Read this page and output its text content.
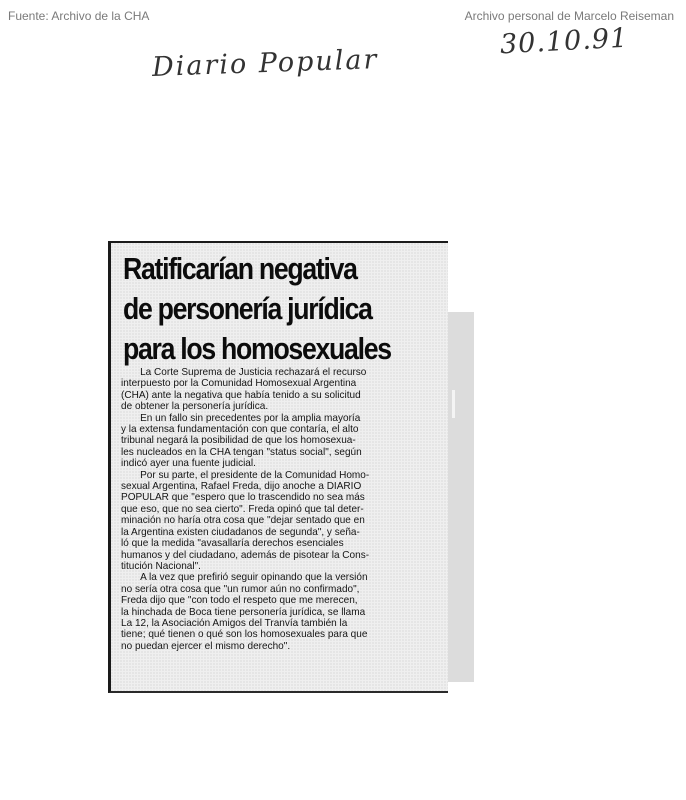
Fuente: Archivo de la CHA	Archivo personal de Marcelo Reiseman
Diario Popular
30.10.91
Ratificarían negativa
de personería jurídica
para los homosexuales
La Corte Suprema de Justicia rechazará el recurso
interpuesto por la Comunidad Homosexual Argentina
(CHA) ante la negativa que había tenido a su solicitud
de obtener la personería jurídica.
En un fallo sin precedentes por la amplia mayoría
y la extensa fundamentación con que contaría, el alto
tribunal negará la posibilidad de que los homosexua-
les nucleados en la CHA tengan "status social", según
indicó ayer una fuente judicial.
Por su parte, el presidente de la Comunidad Homo-
sexual Argentina, Rafael Freda, dijo anoche a DIARIO
POPULAR que "espero que lo trascendido no sea más
que eso, que no sea cierto". Freda opinó que tal deter-
minación no haría otra cosa que "dejar sentado que en
la Argentina existen ciudadanos de segunda", y seña-
ló que la medida "avasallaría derechos esenciales
humanos y del ciudadano, además de pisotear la Cons-
titución Nacional".
A la vez que prefirió seguir opinando que la versión
no sería otra cosa que "un rumor aún no confirmado",
Freda dijo que "con todo el respeto que me merecen,
la hinchada de Boca tiene personería jurídica, se llama
La 12, la Asociación Amigos del Tranvía también la
tiene; qué tienen o qué son los homosexuales para que
no puedan ejercer el mismo derecho".
